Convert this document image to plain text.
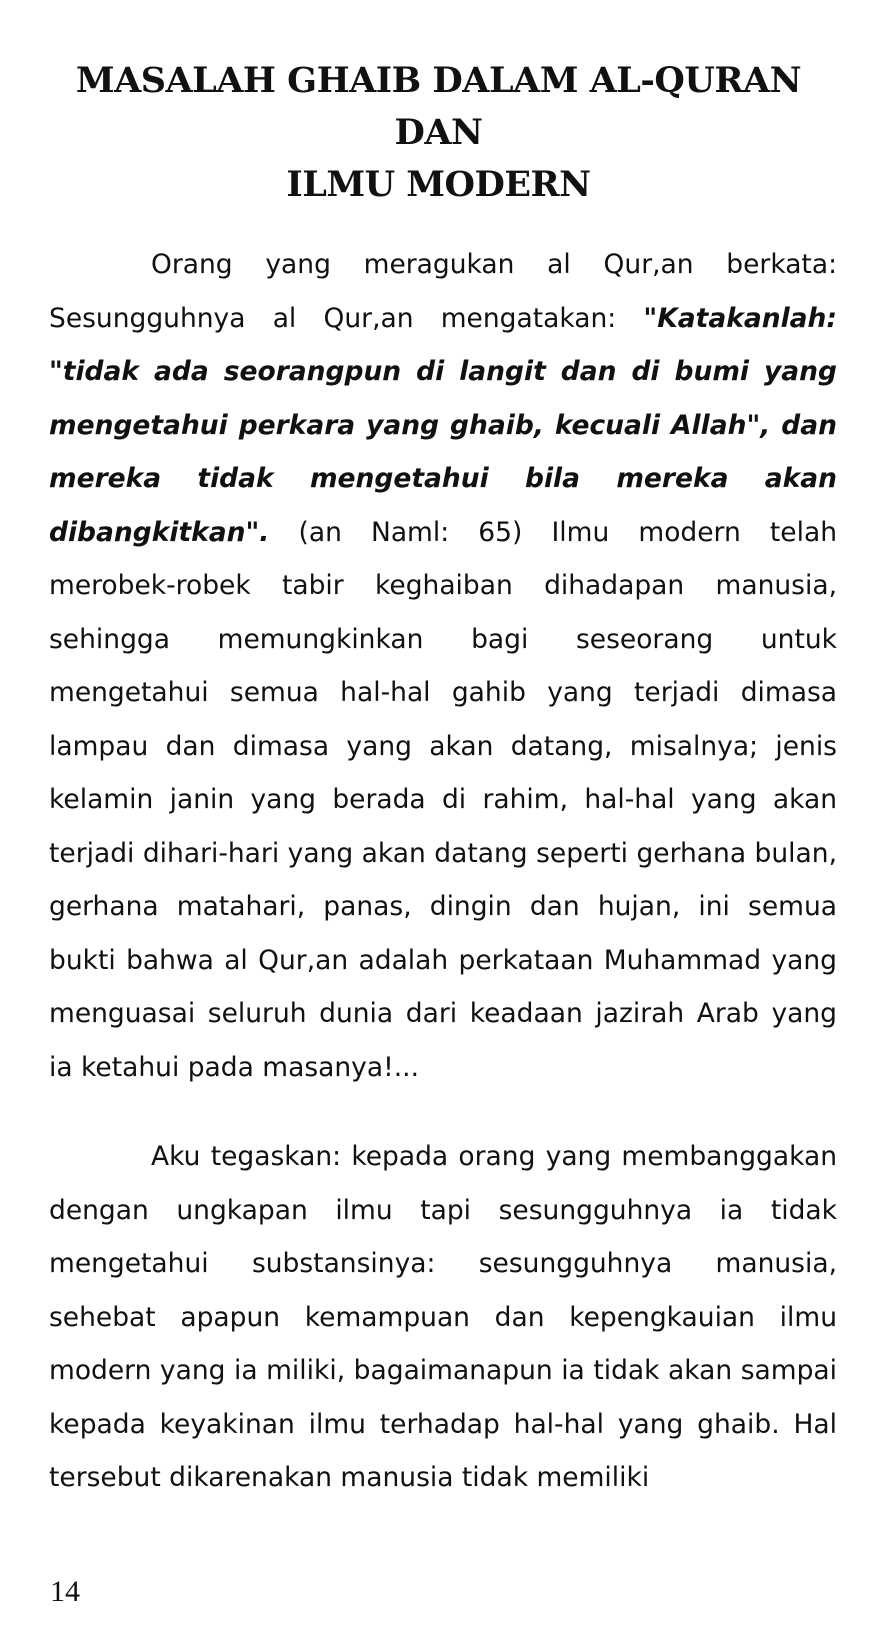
MASALAH GHAIB DALAM AL-QURAN DAN
ILMU MODERN

Orang yang meragukan al Qur,an berkata: Sesungguhnya al Qur,an mengatakan: "Katakanlah: "tidak ada seorangpun di langit dan di bumi yang mengetahui perkara yang ghaib, kecuali Allah", dan mereka tidak mengetahui bila mereka akan dibangkitkan". (an Naml: 65) Ilmu modern telah merobek-robek tabir keghaiban dihadapan manusia, sehingga memungkinkan bagi seseorang untuk mengetahui semua hal-hal gahib yang terjadi dimasa lampau dan dimasa yang akan datang, misalnya; jenis kelamin janin yang berada di rahim, hal-hal yang akan terjadi dihari-hari yang akan datang seperti gerhana bulan, gerhana matahari, panas, dingin dan hujan, ini semua bukti bahwa al Qur,an adalah perkataan Muhammad yang menguasai seluruh dunia dari keadaan jazirah Arab yang ia ketahui pada masanya!...

Aku tegaskan: kepada orang yang membanggakan dengan ungkapan ilmu tapi sesungguhnya ia tidak mengetahui substansinya: sesungguhnya manusia, sehebat apapun kemampuan dan kepengkauian ilmu modern yang ia miliki, bagaimanapun ia tidak akan sampai kepada keyakinan ilmu terhadap hal-hal yang ghaib. Hal tersebut dikarenakan manusia tidak memiliki

14
